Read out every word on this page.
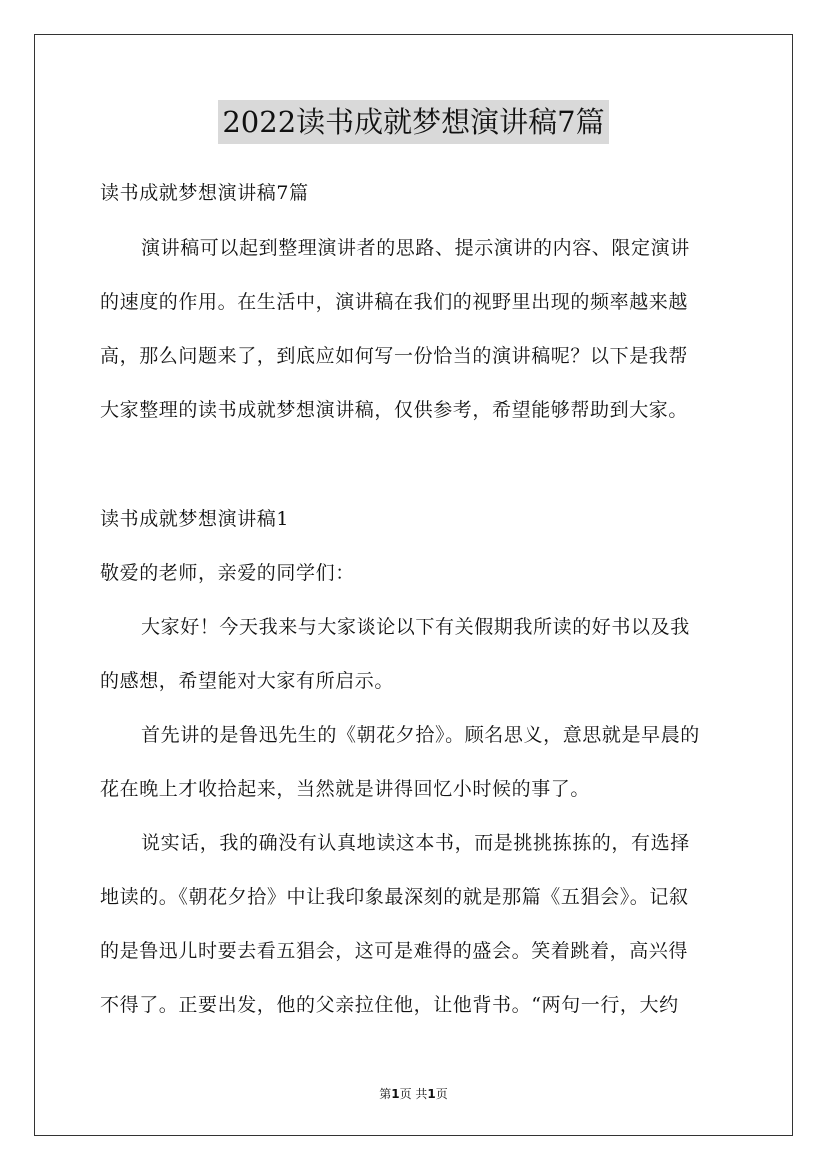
2022读书成就梦想演讲稿7篇
读书成就梦想演讲稿7篇
演讲稿可以起到整理演讲者的思路、提示演讲的内容、限定演讲
的速度的作用。在生活中，演讲稿在我们的视野里出现的频率越来越
高，那么问题来了，到底应如何写一份恰当的演讲稿呢？以下是我帮
大家整理的读书成就梦想演讲稿，仅供参考，希望能够帮助到大家。
读书成就梦想演讲稿1
敬爱的老师，亲爱的同学们：
大家好！今天我来与大家谈论以下有关假期我所读的好书以及我
的感想，希望能对大家有所启示。
首先讲的是鲁迅先生的《朝花夕拾》。顾名思义，意思就是早晨的
花在晚上才收拾起来，当然就是讲得回忆小时候的事了。
说实话，我的确没有认真地读这本书，而是挑挑拣拣的，有选择
地读的。《朝花夕拾》中让我印象最深刻的就是那篇《五猖会》。记叙
的是鲁迅儿时要去看五猖会，这可是难得的盛会。笑着跳着，高兴得
不得了。正要出发，他的父亲拉住他，让他背书。“两句一行，大约
第1页 共1页
